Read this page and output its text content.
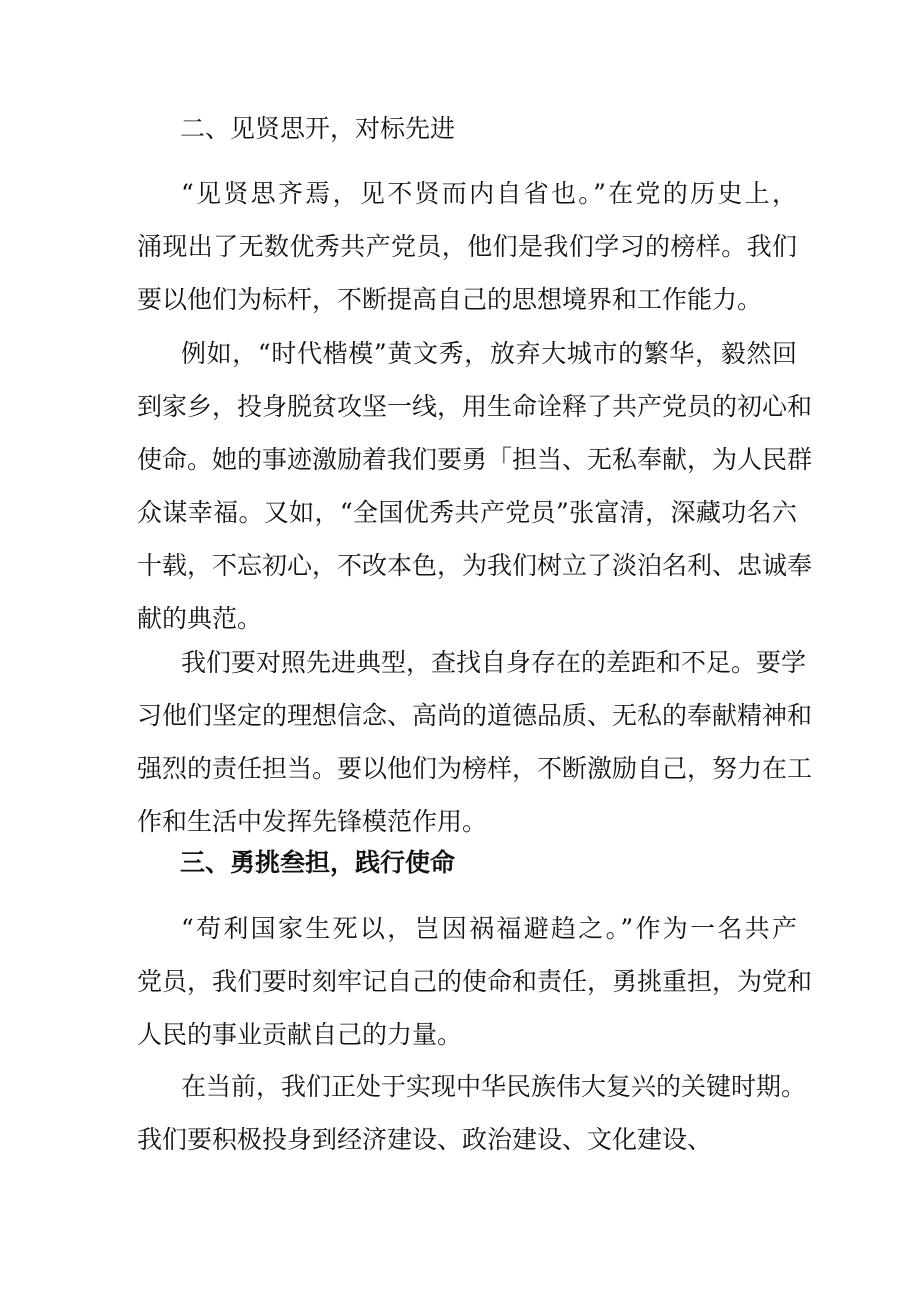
二、见贤思开，对标先进
“见贤思齐焉，见不贤而内自省也。”在党的历史上，
涌现出了无数优秀共产党员，他们是我们学习的榜样。我们
要以他们为标杆，不断提高自己的思想境界和工作能力。
例如，“时代楷模”黄文秀，放弃大城市的繁华，毅然回
到家乡，投身脱贫攻坚一线，用生命诠释了共产党员的初心和
使命。她的事迹激励着我们要勇「担当、无私奉献，为人民群
众谋幸福。又如，“全国优秀共产党员”张富清，深藏功名六
十载，不忘初心，不改本色，为我们树立了淡泊名利、忠诚奉
献的典范。
我们要对照先进典型，查找自身存在的差距和不足。要学
习他们坚定的理想信念、高尚的道德品质、无私的奉献精神和
强烈的责任担当。要以他们为榜样，不断激励自己，努力在工
作和生活中发挥先锋模范作用。
三、勇挑叁担，践行使命
“苟利国家生死以，岂因祸福避趋之。”作为一名共产
党员，我们要时刻牢记自己的使命和责任，勇挑重担，为党和
人民的事业贡献自己的力量。
在当前，我们正处于实现中华民族伟大复兴的关键时期。
我们要积极投身到经济建设、政治建设、文化建设、
